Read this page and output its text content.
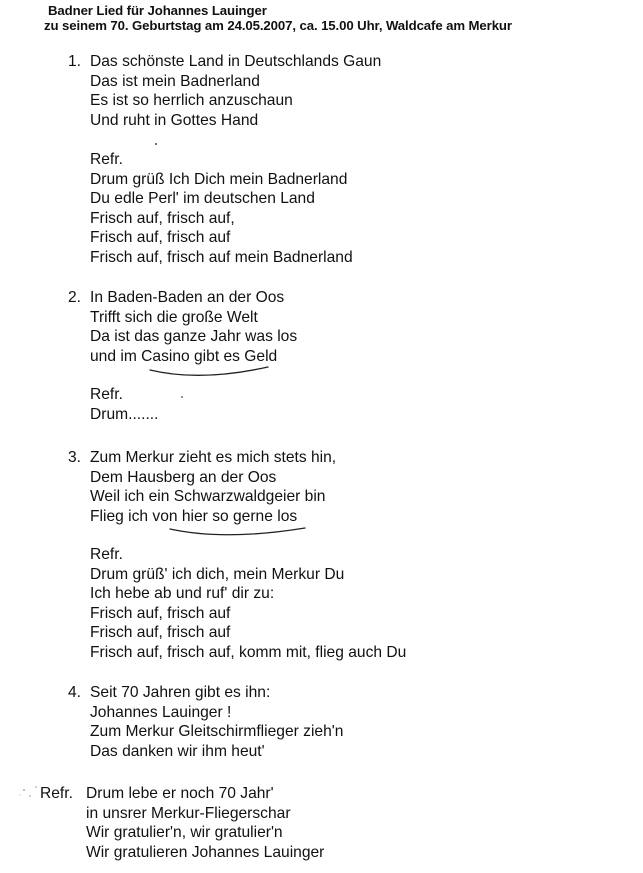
Badner Lied für Johannes Lauinger
zu seinem 70. Geburtstag am 24.05.2007, ca. 15.00 Uhr, Waldcafe am Merkur
1. Das schönste Land in Deutschlands Gaun
Das ist mein Badnerland
Es ist so herrlich anzuschaun
Und ruht in Gottes Hand
Refr.
Drum grüß Ich Dich mein Badnerland
Du edle Perl' im deutschen Land
Frisch auf, frisch auf,
Frisch auf, frisch auf
Frisch auf, frisch auf mein Badnerland
2. In Baden-Baden an der Oos
Trifft sich die große Welt
Da ist das ganze Jahr was los
und im Casino gibt es Geld
Refr.
Drum.......
3. Zum Merkur zieht es mich stets hin,
Dem Hausberg an der Oos
Weil ich ein Schwarzwaldgeier bin
Flieg ich von hier so gerne los
Refr.
Drum grüß' ich dich, mein Merkur Du
Ich hebe ab und ruf' dir zu:
Frisch auf, frisch auf
Frisch auf, frisch auf
Frisch auf, frisch auf, komm mit, flieg auch Du
4. Seit 70 Jahren gibt es ihn:
Johannes Lauinger !
Zum Merkur Gleitschirmflieger zieh'n
Das danken wir ihm heut'
Refr. Drum lebe er noch 70 Jahr'
in unsrer Merkur-Fliegerschar
Wir gratulier'n, wir gratulier'n
Wir gratulieren Johannes Lauinger
